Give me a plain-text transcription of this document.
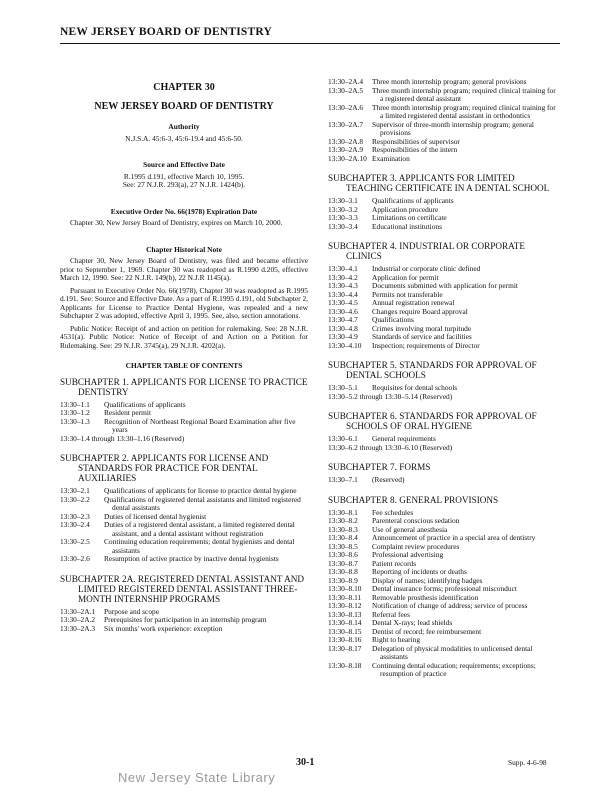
NEW JERSEY BOARD OF DENTISTRY
CHAPTER 30
NEW JERSEY BOARD OF DENTISTRY
Authority
N.J.S.A. 45:6-3, 45:6-19.4 and 45:6-50.
Source and Effective Date
R.1995 d.191, effective March 10, 1995.
See: 27 N.J.R. 293(a), 27 N.J.R. 1424(b).
Executive Order No. 66(1978) Expiration Date

Chapter 30, New Jersey Board of Dentistry, expires on March 10, 2000.

Chapter Historical Note

Chapter 30, New Jersey Board of Dentistry, was filed and became effective prior to September 1, 1969. Chapter 30 was readopted as R.1990 d.205, effective March 12, 1990. See: 22 N.J.R. 149(b), 22 N.J.R 1145(a).

Pursuant to Executive Order No. 66(1978), Chapter 30 was readopted as R.1995 d.191. See: Source and Effective Date. As a part of R.1995 d.191, old Subchapter 2, Applicants for License to Practice Dental Hygiene, was repealed and a new Subchapter 2 was adopted, effective April 3, 1995. See, also, section annotations.

Public Notice: Receipt of and action on petition for rulemaking. See: 28 N.J.R. 4531(a). Public Notice: Notice of Receipt of and Action on a Petition for Rulemaking. See: 29 N.J.R. 3745(a), 29 N.J.R. 4202(a).

CHAPTER TABLE OF CONTENTS
SUBCHAPTER 1. APPLICANTS FOR LICENSE TO PRACTICE DENTISTRY
13:30–1.1	Qualifications of applicants
13:30–1.2	Resident permit
13:30–1.3	Recognition of Northeast Regional Board Examination after five years
13:30–1.4 through 13:30–1.16 (Reserved)
SUBCHAPTER 2. APPLICANTS FOR LICENSE AND STANDARDS FOR PRACTICE FOR DENTAL AUXILIARIES
13:30–2.1	Qualifications of applicants for license to practice dental hygiene
13:30–2.2	Qualifications of registered dental assistants and limited registered dental assistants
13:30–2.3	Duties of licensed dental hygienist
13:30–2.4	Duties of a registered dental assistant, a limited registered dental assistant, and a dental assistant without registration
13:30–2.5	Continuing education requirements; dental hygienists and dental assistants
13:30–2.6	Resumption of active practice by inactive dental hygienists
SUBCHAPTER 2A. REGISTERED DENTAL ASSISTANT AND LIMITED REGISTERED DENTAL ASSISTANT THREE-MONTH INTERNSHIP PROGRAMS
13:30–2A.1	Purpose and scope
13:30–2A.2	Prerequisites for participation in an internship program
13:30–2A.3	Six months' work experience: exception
13:30–2A.4	Three month internship program; general provisions
13:30–2A.5	Three month internship program; required clinical training for a registered dental assistant
13:30–2A.6	Three month internship program; required clinical training for a limited registered dental assistant in orthodontics
13:30–2A.7	Supervisor of three-month internship program; general provisions
13:30–2A.8	Responsibilities of supervisor
13:30–2A.9	Responsibilities of the intern
13:30–2A.10 Examination
SUBCHAPTER 3. APPLICANTS FOR LIMITED TEACHING CERTIFICATE IN A DENTAL SCHOOL
13:30–3.1	Qualifications of applicants
13:30–3.2	Application procedure
13:30–3.3	Limitations on certificate
13:30–3.4	Educational institutions
SUBCHAPTER 4. INDUSTRIAL OR CORPORATE CLINICS
13:30–4.1	Industrial or corporate clinic defined
13:30–4.2	Application for permit
13:30–4.3	Documents submitted with application for permit
13:30–4.4	Permits not transferable
13:30–4.5	Annual registration renewal
13:30–4.6	Changes require Board approval
13:30–4.7	Qualifications
13:30–4.8	Crimes involving moral turpitude
13:30–4.9	Standards of service and facilities
13:30–4.10	Inspection; requirements of Director
SUBCHAPTER 5. STANDARDS FOR APPROVAL OF DENTAL SCHOOLS
13:30–5.1	Requisites for dental schools
13:30–5.2 through 13:30–5.14 (Reserved)
SUBCHAPTER 6. STANDARDS FOR APPROVAL OF SCHOOLS OF ORAL HYGIENE
13:30–6.1	General requirements
13:30–6.2 through 13:30–6.10 (Reserved)
SUBCHAPTER 7. FORMS
13:30–7.1	(Reserved)
SUBCHAPTER 8. GENERAL PROVISIONS
13:30–8.1	Fee schedules
13:30–8.2	Parenteral conscious sedation
13:30–8.3	Use of general anesthesia
13:30–8.4	Announcement of practice in a special area of dentistry
13:30–8.5	Complaint review procedures
13:30–8.6	Professional advertising
13:30–8.7	Patient records
13:30–8.8	Reporting of incidents or deaths
13:30–8.9	Display of names; identifying badges
13:30–8.10	Dental insurance forms; professional misconduct
13:30–8.11	Removable prosthesis identification
13:30–8.12	Notification of change of address; service of process
13:30–8.13	Referral fees
13:30–8.14	Dental X-rays; lead shields
13:30–8.15	Dentist of record; fee reimbursement
13:30–8.16	Right to hearing
13:30–8.17	Delegation of physical modalities to unlicensed dental assistants
13:30–8.18	Continuing dental education; requirements; exceptions; resumption of practice
30-1	Supp. 4-6-98
New Jersey State Library
